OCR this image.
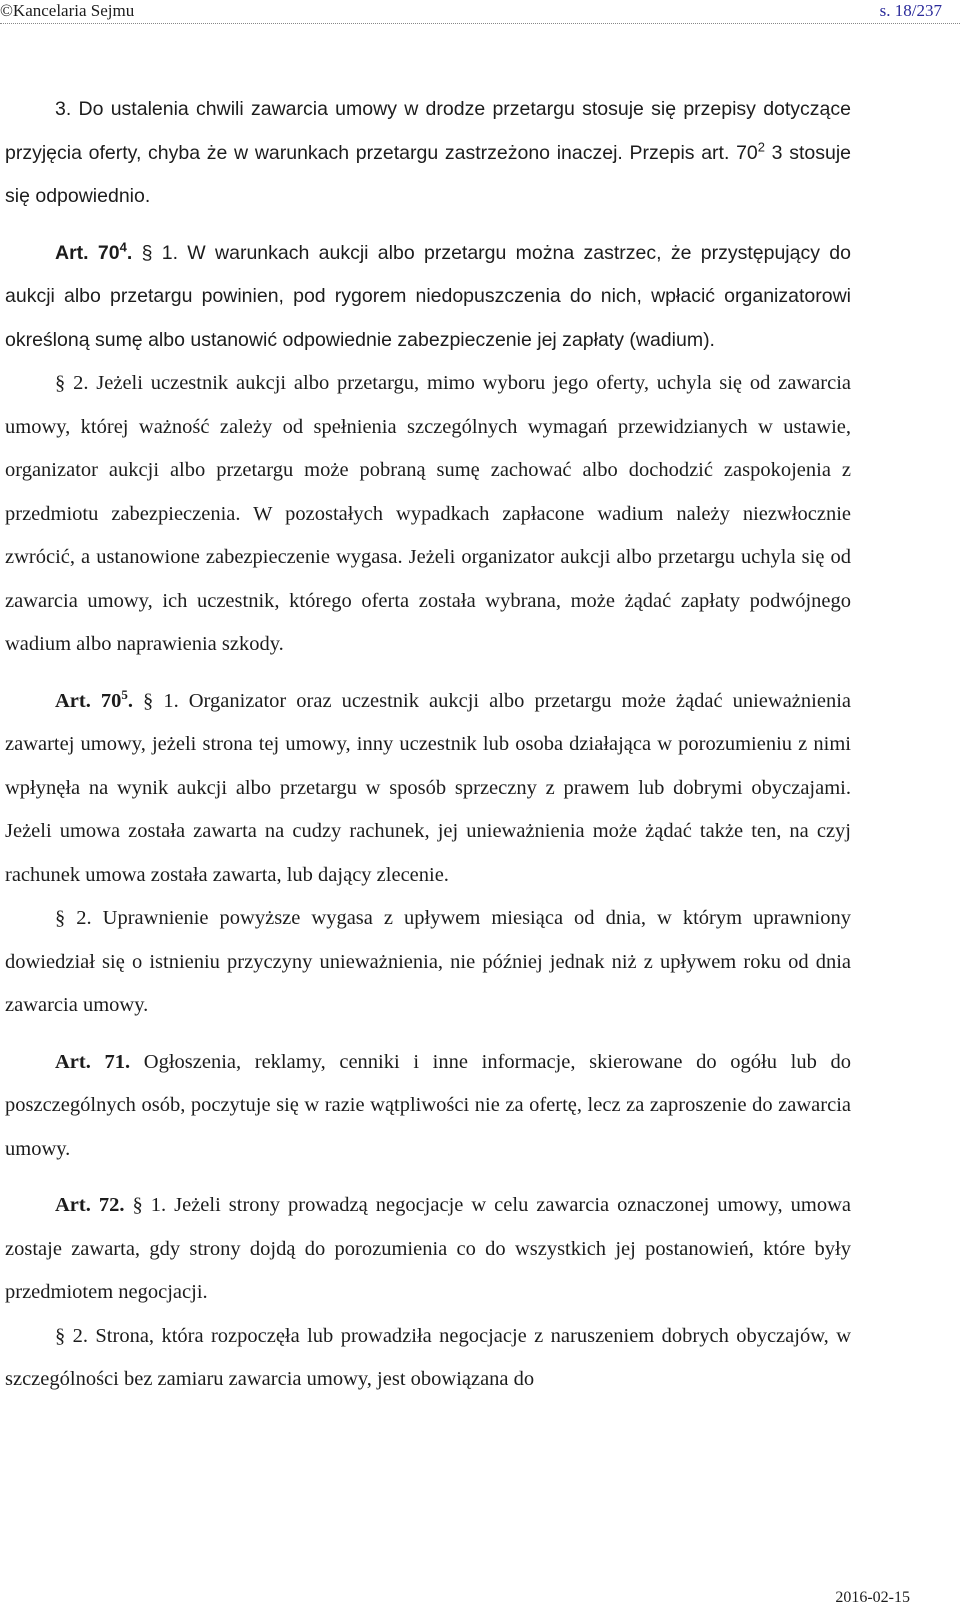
©Kancelaria Sejmu	s. 18/237

3. Do ustalenia chwili zawarcia umowy w drodze przetargu stosuje się przepisy dotyczące przyjęcia oferty, chyba że w warunkach przetargu zastrzeżono inaczej. Przepis art. $70^2$ 3 stosuje się odpowiednio.

Art. $70^4$. § 1. W warunkach aukcji albo przetargu można zastrzec, że przystępujący do aukcji albo przetargu powinien, pod rygorem niedopuszczenia do nich, wpłacić organizatorowi określoną sumę albo ustanowić odpowiednie zabezpieczenie jej zapłaty (wadium).

§ 2. Jeżeli uczestnik aukcji albo przetargu, mimo wyboru jego oferty, uchyla się od zawarcia umowy, której ważność zależy od spełnienia szczególnych wymagań przewidzianych w ustawie, organizator aukcji albo przetargu może pobraną sumę zachować albo dochodzić zaspokojenia z przedmiotu zabezpieczenia. W pozostałych wypadkach zapłacone wadium należy niezwłocznie zwrócić, a ustanowione zabezpieczenie wygasa. Jeżeli organizator aukcji albo przetargu uchyla się od zawarcia umowy, ich uczestnik, którego oferta została wybrana, może żądać zapłaty podwójnego wadium albo naprawienia szkody.

Art. $70^5$. § 1. Organizator oraz uczestnik aukcji albo przetargu może żądać unieważnienia zawartej umowy, jeżeli strona tej umowy, inny uczestnik lub osoba działająca w porozumieniu z nimi wpłynęła na wynik aukcji albo przetargu w sposób sprzeczny z prawem lub dobrymi obyczajami. Jeżeli umowa została zawarta na cudzy rachunek, jej unieważnienia może żądać także ten, na czyj rachunek umowa została zawarta, lub dający zlecenie.

§ 2. Uprawnienie powyższe wygasa z upływem miesiąca od dnia, w którym uprawniony dowiedział się o istnieniu przyczyny unieważnienia, nie później jednak niż z upływem roku od dnia zawarcia umowy.

Art. 71. Ogłoszenia, reklamy, cenniki i inne informacje, skierowane do ogółu lub do poszczególnych osób, poczytuje się w razie wątpliwości nie za ofertę, lecz za zaproszenie do zawarcia umowy.

Art. 72. § 1. Jeżeli strony prowadzą negocjacje w celu zawarcia oznaczonej umowy, umowa zostaje zawarta, gdy strony dojdą do porozumienia co do wszystkich jej postanowień, które były przedmiotem negocjacji.

§ 2. Strona, która rozpoczęła lub prowadziła negocjacje z naruszeniem dobrych obyczajów, w szczególności bez zamiaru zawarcia umowy, jest obowiązana do

2016-02-15
